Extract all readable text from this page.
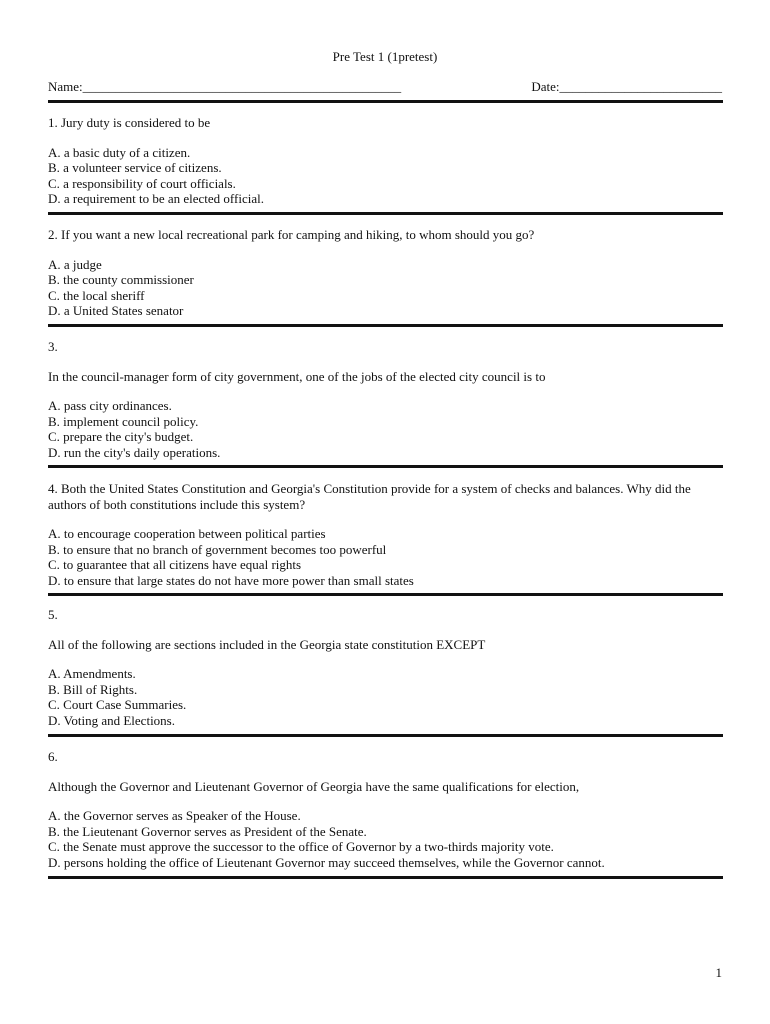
Pre Test 1 (1pretest)
Name:_________________________________________________	Date:_________________________

1. Jury duty is considered to be

A. a basic duty of a citizen.

B. a volunteer service of citizens.

C. a responsibility of court officials.

D. a requirement to be an elected official.

2. If you want a new local recreational park for camping and hiking, to whom should you go?

A. a judge

B. the county commissioner

C. the local sheriff

D. a United States senator

3.

In the council-manager form of city government, one of the jobs of the elected city council is to

A. pass city ordinances.

B. implement council policy.

C. prepare the city's budget.

D. run the city's daily operations.

4. Both the United States Constitution and Georgia's Constitution provide for a system of checks and balances. Why did the authors of both constitutions include this system?

A. to encourage cooperation between political parties

B. to ensure that no branch of government becomes too powerful

C. to guarantee that all citizens have equal rights

D. to ensure that large states do not have more power than small states

5.

All of the following are sections included in the Georgia state constitution EXCEPT

A. Amendments.

B. Bill of Rights.

C. Court Case Summaries.

D. Voting and Elections.

6.

Although the Governor and Lieutenant Governor of Georgia have the same qualifications for election,

A. the Governor serves as Speaker of the House.

B. the Lieutenant Governor serves as President of the Senate.

C. the Senate must approve the successor to the office of Governor by a two-thirds majority vote.

D. persons holding the office of Lieutenant Governor may succeed themselves, while the Governor cannot.

1
